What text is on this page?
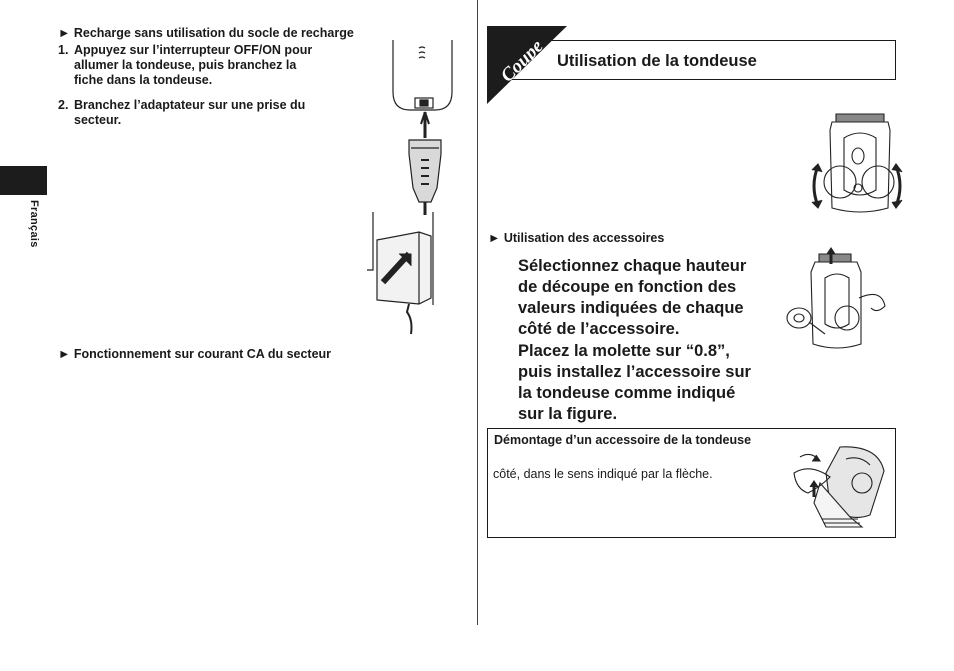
Français
► Recharge sans utilisation du socle de recharge
1. Appuyez sur l’interrupteur OFF/ON pour
allumer la tondeuse, puis branchez la
fiche dans la tondeuse.
2. Branchez l’adaptateur sur une prise du
secteur.
► Fonctionnement sur courant CA du secteur
Coupe Utilisation de la tondeuse
► Utilisation des accessoires
Sélectionnez chaque hauteur
de découpe en fonction des
valeurs indiquées de chaque
côté de l’accessoire.
Placez la molette sur “0.8”,
puis installez l’accessoire sur
la tondeuse comme indiqué
sur la figure.
Démontage d’un accessoire de la tondeuse
côté, dans le sens indiqué par la flèche.
